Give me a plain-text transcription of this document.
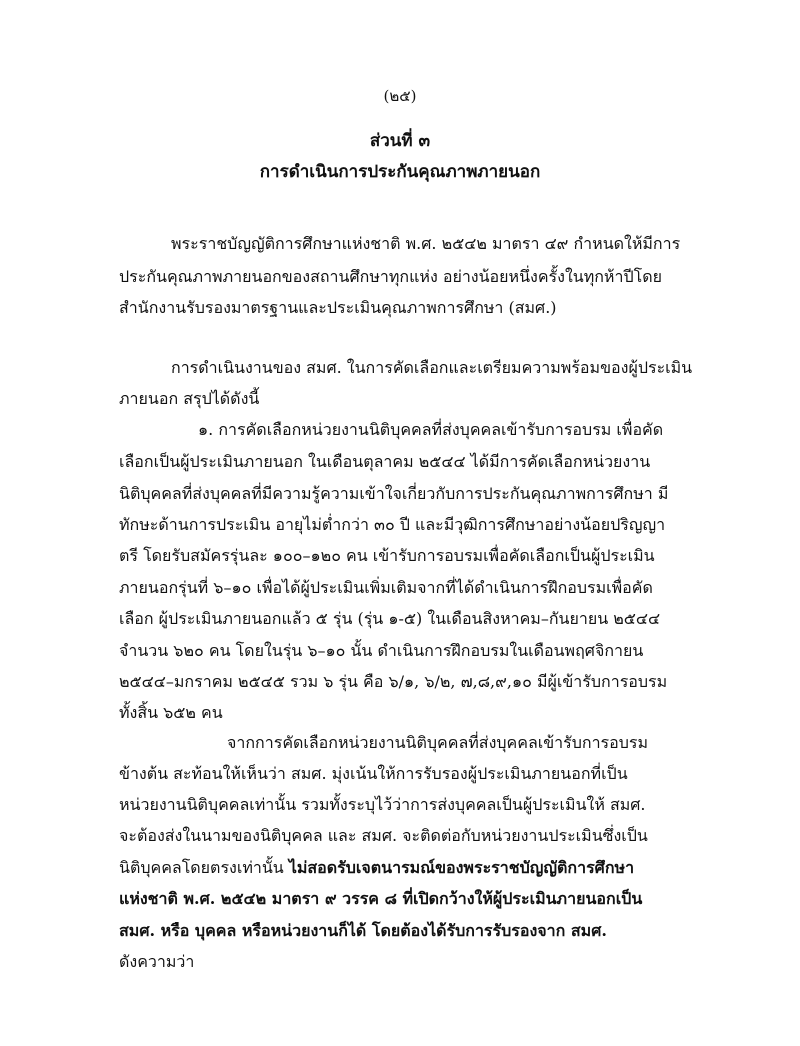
(๒๕)
ส่วนที่ ๓
การดำเนินการประกันคุณภาพภายนอก
พระราชบัญญัติการศึกษาแห่งชาติ พ.ศ. ๒๕๔๒ มาตรา ๔๙ กำหนดให้มีการ
ประกันคุณภาพภายนอกของสถานศึกษาทุกแห่ง อย่างน้อยหนึ่งครั้งในทุกห้าปีโดย
สำนักงานรับรองมาตรฐานและประเมินคุณภาพการศึกษา (สมศ.)
การดำเนินงานของ สมศ. ในการคัดเลือกและเตรียมความพร้อมของผู้ประเมิน
ภายนอก สรุปได้ดังนี้
๑. การคัดเลือกหน่วยงานนิติบุคคลที่ส่งบุคคลเข้ารับการอบรม เพื่อคัด
เลือกเป็นผู้ประเมินภายนอก ในเดือนตุลาคม ๒๕๔๔ ได้มีการคัดเลือกหน่วยงาน
นิติบุคคลที่ส่งบุคคลที่มีความรู้ความเข้าใจเกี่ยวกับการประกันคุณภาพการศึกษา มี
ทักษะด้านการประเมิน อายุไม่ต่ำกว่า ๓๐ ปี และมีวุฒิการศึกษาอย่างน้อยปริญญา
ตรี โดยรับสมัครรุ่นละ ๑๐๐–๑๒๐ คน เข้ารับการอบรมเพื่อคัดเลือกเป็นผู้ประเมิน
ภายนอกรุ่นที่ ๖–๑๐ เพื่อได้ผู้ประเมินเพิ่มเติมจากที่ได้ดำเนินการฝึกอบรมเพื่อคัด
เลือก ผู้ประเมินภายนอกแล้ว ๕ รุ่น (รุ่น ๑-๕) ในเดือนสิงหาคม–กันยายน ๒๕๔๔
จำนวน ๖๒๐ คน โดยในรุ่น ๖–๑๐ นั้น ดำเนินการฝึกอบรมในเดือนพฤศจิกายน
๒๕๔๔–มกราคม ๒๕๔๕ รวม ๖ รุ่น คือ ๖/๑, ๖/๒, ๗,๘,๙,๑๐ มีผู้เข้ารับการอบรม
ทั้งสิ้น ๖๕๒ คน
จากการคัดเลือกหน่วยงานนิติบุคคลที่ส่งบุคคลเข้ารับการอบรม
ข้างต้น สะท้อนให้เห็นว่า สมศ. มุ่งเน้นให้การรับรองผู้ประเมินภายนอกที่เป็น
หน่วยงานนิติบุคคลเท่านั้น รวมทั้งระบุไว้ว่าการส่งบุคคลเป็นผู้ประเมินให้ สมศ.
จะต้องส่งในนามของนิติบุคคล และ สมศ. จะติดต่อกับหน่วยงานประเมินซึ่งเป็น
นิติบุคคลโดยตรงเท่านั้น ไม่สอดรับเจตนารมณ์ของพระราชบัญญัติการศึกษา
แห่งชาติ พ.ศ. ๒๕๔๒ มาตรา ๙ วรรค ๘ ที่เปิดกว้างให้ผู้ประเมินภายนอกเป็น
สมศ. หรือ บุคคล หรือหน่วยงานก็ได้ โดยต้องได้รับการรับรองจาก สมศ.
ดังความว่า
